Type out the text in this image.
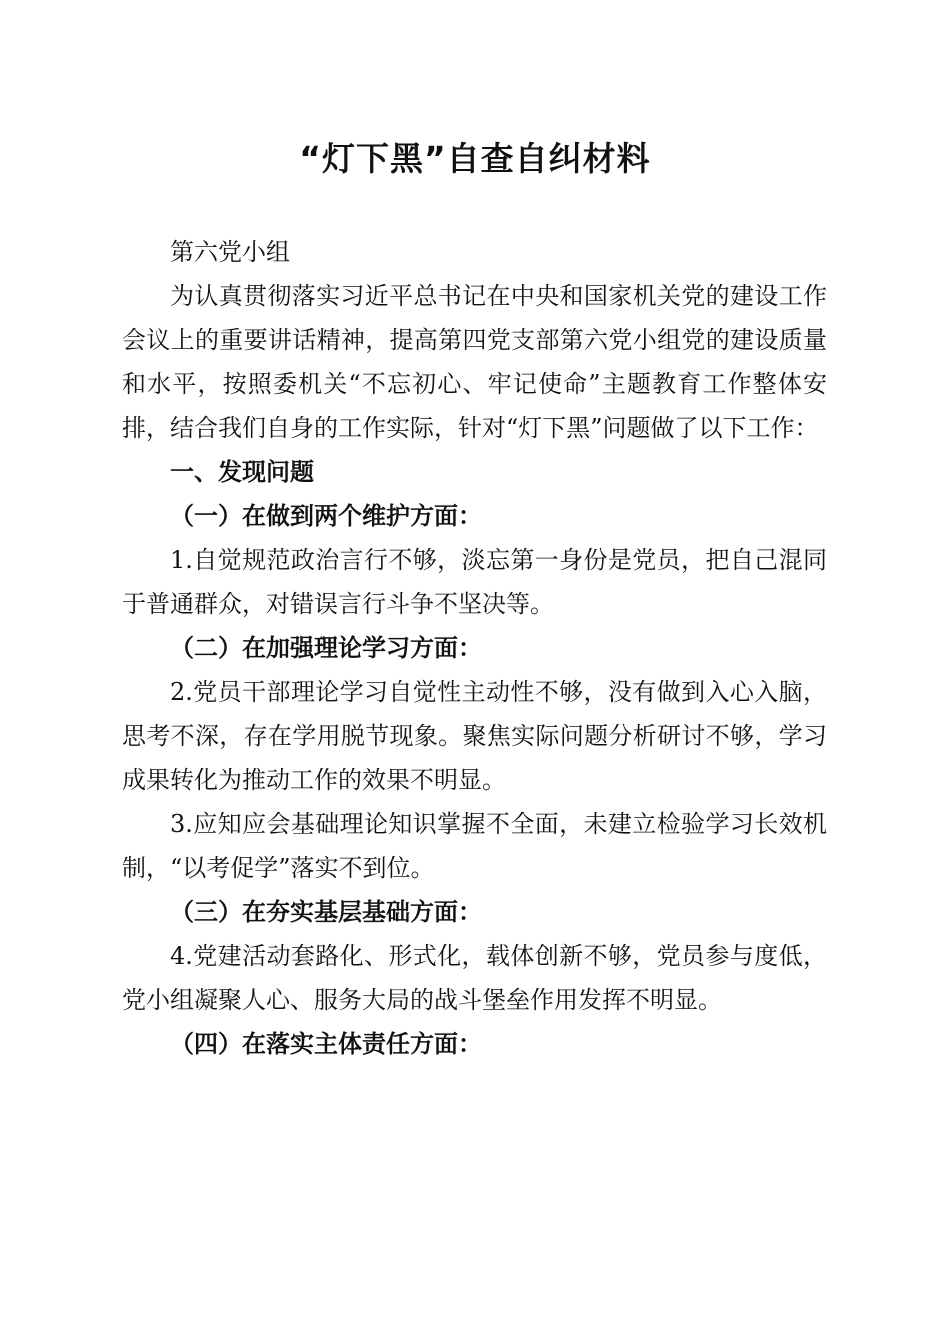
“灯下黑”自查自纠材料

第六党小组

为认真贯彻落实习近平总书记在中央和国家机关党的建设工作会议上的重要讲话精神，提高第四党支部第六党小组党的建设质量和水平，按照委机关“不忘初心、牢记使命”主题教育工作整体安排，结合我们自身的工作实际，针对“灯下黑”问题做了以下工作：

一、发现问题

（一）在做到两个维护方面：

1.自觉规范政治言行不够，淡忘第一身份是党员，把自己混同于普通群众，对错误言行斗争不坚决等。

（二）在加强理论学习方面：

2.党员干部理论学习自觉性主动性不够，没有做到入心入脑，思考不深，存在学用脱节现象。聚焦实际问题分析研讨不够，学习成果转化为推动工作的效果不明显。

3.应知应会基础理论知识掌握不全面，未建立检验学习长效机制，“以考促学”落实不到位。

（三）在夯实基层基础方面：

4.党建活动套路化、形式化，载体创新不够，党员参与度低，党小组凝聚人心、服务大局的战斗堡垒作用发挥不明显。

（四）在落实主体责任方面：
